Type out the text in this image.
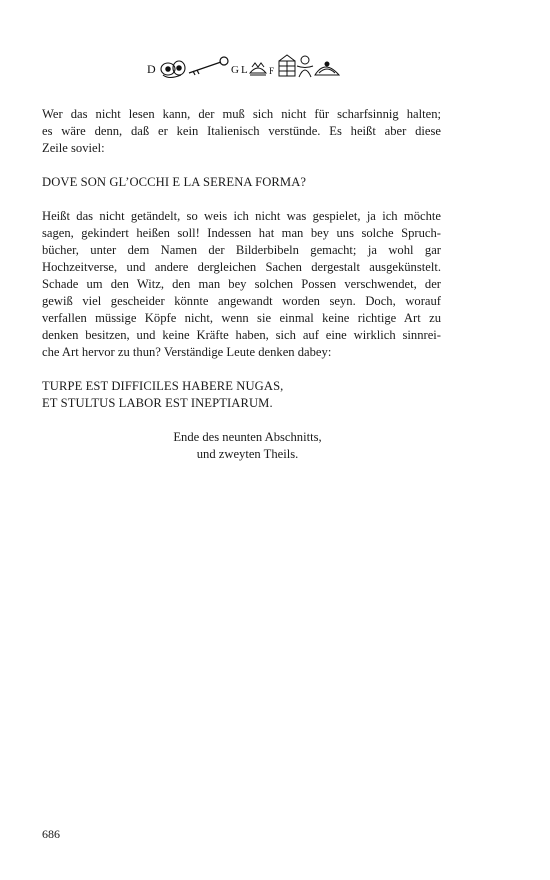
D	G L F

Wer das nicht lesen kann, der muß sich nicht für scharfsinnig halten;
es wäre denn, daß er kein Italienisch verstünde. Es heißt aber diese
Zeile soviel:

DOVE SON GL’OCCHI E LA SERENA FORMA?

Heißt das nicht getändelt, so weis ich nicht was gespielet, ja ich möchte
sagen, gekindert heißen soll! Indessen hat man bey uns solche Spruch-
bücher, unter dem Namen der Bilderbibeln gemacht; ja wohl gar
Hochzeitverse, und andere dergleichen Sachen dergestalt ausgekünstelt.
Schade um den Witz, den man bey solchen Possen verschwendet, der
gewiß viel gescheider könnte angewandt worden seyn. Doch, worauf
verfallen müssige Köpfe nicht, wenn sie einmal keine richtige Art zu
denken besitzen, und keine Kräfte haben, sich auf eine wirklich sinnrei-
che Art hervor zu thun? Verständige Leute denken dabey:

TURPE EST DIFFICILES HABERE NUGAS,
ET STULTUS LABOR EST INEPTIARUM.

Ende des neunten Abschnitts,
und zweyten Theils.
686
